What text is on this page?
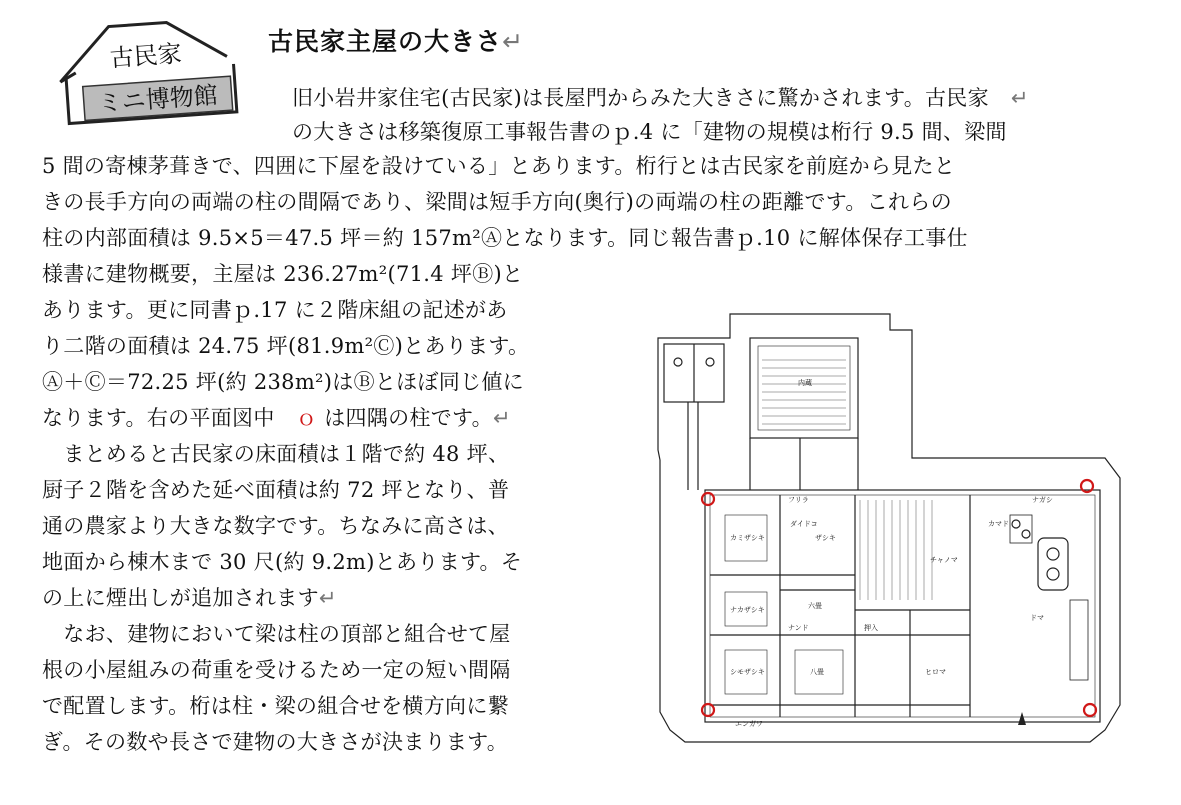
古民家
ミニ博物館
古民家主屋の大きさ↵
旧小岩井家住宅(古民家)は長屋門からみた大きさに驚かされます。古民家 ↵
の大きさは移築復原工事報告書のｐ.4 に「建物の規模は桁行 9.5 間、梁間
5 間の寄棟茅葺きで、四囲に下屋を設けている」とあります。桁行とは古民家を前庭から見たと
きの長手方向の両端の柱の間隔であり、梁間は短手方向(奥行)の両端の柱の距離です。これらの
柱の内部面積は 9.5×5＝47.5 坪＝約 157m²Ⓐとなります。同じ報告書ｐ.10 に解体保存工事仕
様書に建物概要，主屋は 236.27m²(71.4 坪Ⓑ)と
あります。更に同書ｐ.17 に２階床組の記述があ
り二階の面積は 24.75 坪(81.9m²Ⓒ)とあります。
Ⓐ＋Ⓒ＝72.25 坪(約 238m²)はⒷとほぼ同じ値に
なります。右の平面図中　ｏ は四隅の柱です。↵
　まとめると古民家の床面積は１階で約 48 坪、
厨子２階を含めた延べ面積は約 72 坪となり、普
通の農家より大きな数字です。ちなみに高さは、
地面から棟木まで 30 尺(約 9.2m)とあります。そ
の上に煙出しが追加されます↵
　なお、建物において梁は柱の頂部と組合せて屋
根の小屋組みの荷重を受けるため一定の短い間隔
で配置します。桁は柱・梁の組合せを横方向に繋
ぎ。その数や長さで建物の大きさが決まります。
内蔵
カミザシキ
ナカザシキ
シモザシキ
六畳
八畳	ヒロマ
チャノマ
ダイドコ
ドマ
カマド
ザシキ
ナガシ
フリラ
押入
ナンド
エンガワ
